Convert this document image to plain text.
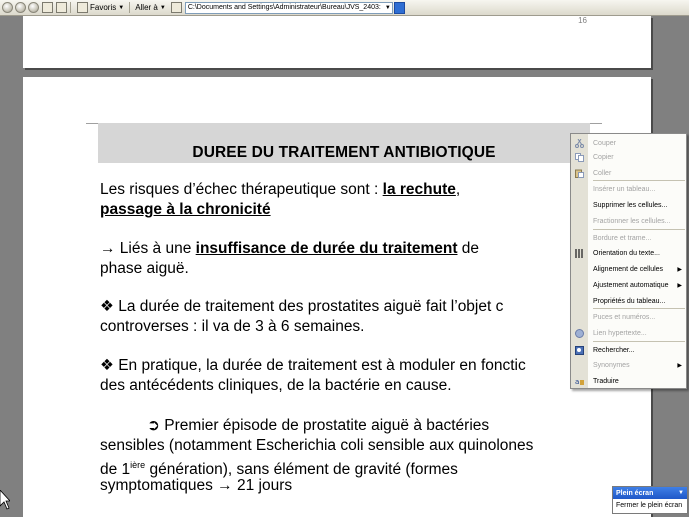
Favoris ▼ Aller à ▼	C:\Documents and Settings\Administrateur\Bureau\JVS_2403: ▼
16
DUREE DU TRAITEMENT ANTIBIOTIQUE
Les risques d’échec thérapeutique sont : la rechute,
passage à la chronicité
→ Liés à une insuffisance de durée du traitement de
phase aiguë.
❖ La durée de traitement des prostatites aiguë fait l’objet c
controverses : il va de 3 à 6 semaines.
❖ En pratique, la durée de traitement est à moduler en fonctic
des antécédents cliniques, de la bactérie en cause.
➲ Premier épisode de prostatite aiguë à bactéries
sensibles (notamment Escherichia coli sensible aux quinolones
de $1^{ière}$ génération), sans élément de gravité (formes
symptomatiques → 21 jours
Couper
Copier
Coller
Insérer un tableau...
Supprimer les cellules...
Fractionner les cellules...
Bordure et trame...
Orientation du texte...
Alignement de cellules ▶
Ajustement automatique ▶
Propriétés du tableau...
Puces et numéros...
Lien hypertexte...
Rechercher...
Synonymes	▶
a Traduire
Plein écran	▼
Fermer le plein écran
